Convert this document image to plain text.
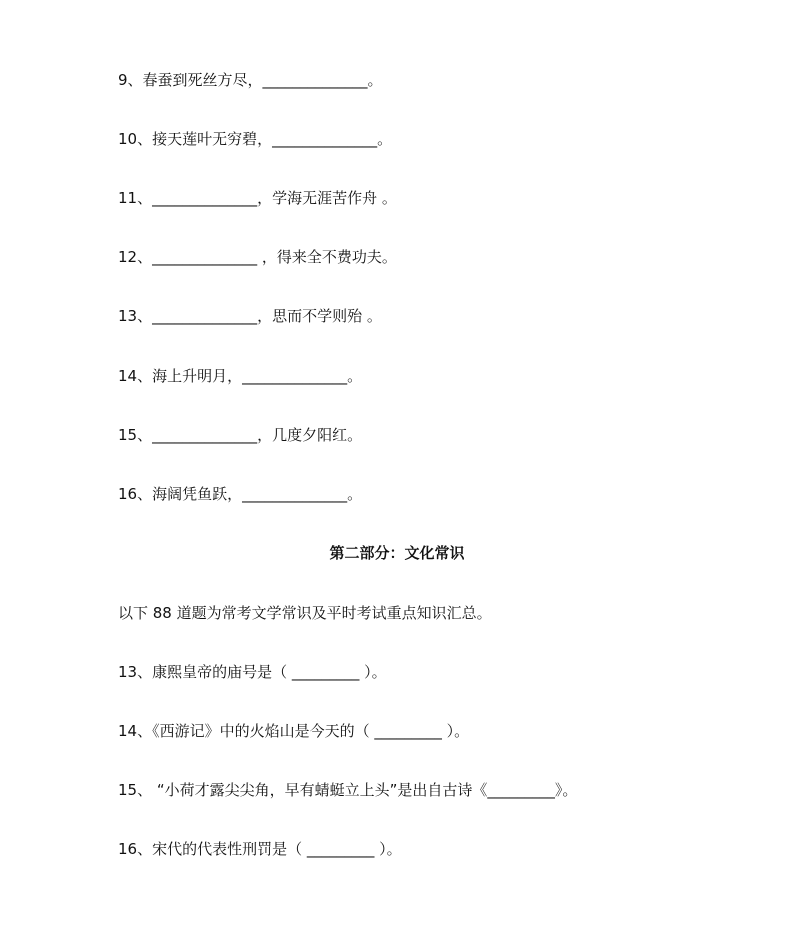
9、春蚕到死丝方尽，______________。
10、接天莲叶无穷碧，______________。
11、______________，学海无涯苦作舟 。
12、______________ ，得来全不费功夫。
13、______________，思而不学则殆 。
14、海上升明月，______________。
15、______________，几度夕阳红。
16、海阔凭鱼跃，______________。
第二部分：文化常识
以下 88 道题为常考文学常识及平时考试重点知识汇总。
13、康熙皇帝的庙号是（ _________ ）。
14、《西游记》中的火焰山是今天的（ _________ ）。
15、 “小荷才露尖尖角，早有蜻蜓立上头”是出自古诗《_________》。
16、宋代的代表性刑罚是（ _________ ）。
